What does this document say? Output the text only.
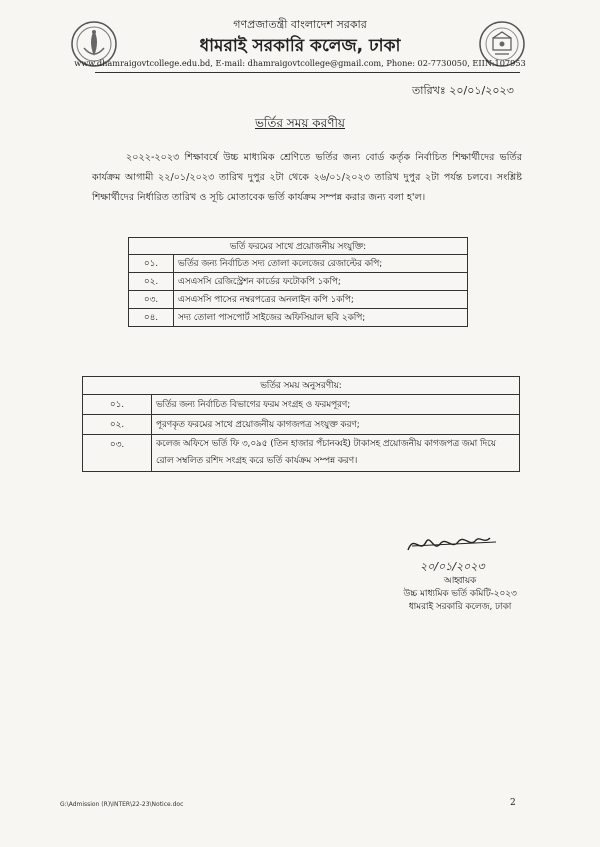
গণপ্রজাতন্ত্রী বাংলাদেশ সরকার
ধামরাই সরকারি কলেজ, ঢাকা
www.dhamraigovtcollege.edu.bd, E-mail: dhamraigovtcollege@gmail.com, Phone: 02-7730050, EIIN:107953
তারিখঃ ২০/০১/২০২৩
ভর্তির সময় করণীয়
২০২২-২০২৩ শিক্ষাবর্ষে উচ্চ মাধ্যমিক শ্রেণিতে ভর্তির জন্য বোর্ড কর্তৃক নির্বাচিত শিক্ষার্থীদের ভর্তির কার্যক্রম আগামী ২২/০১/২০২৩ তারিখ দুপুর ২টা থেকে ২৬/০১/২০২৩ তারিখ দুপুর ২টা পর্যন্ত চলবে। সংশ্লিষ্ট শিক্ষার্থীদের নির্ধারিত তারিখ ও সূচি মোতাবেক ভর্তি কার্যক্রম সম্পন্ন করার জন্য বলা হ'ল।
ভর্তি ফরমের সাথে প্রয়োজনীয় সংযুক্তি:	
০১.	ভর্তির জন্য নির্বাচিত সদ্য তোলা কলেজের রেজাল্টের কপি;
০২.	এসএসসি রেজিস্ট্রেশন কার্ডের ফটোকপি ১কপি;
০৩.	এসএসসি পাসের নম্বরপত্রের অনলাইন কপি ১কপি;
০৪.	সদ্য তোলা পাসপোর্ট সাইজের অফিসিয়াল ছবি ২কপি;
ভর্তির সময় অনুসরণীয়:	
০১.	ভর্তির জন্য নির্বাচিত বিভাগের ফরম সংগ্রহ ও ফরমপূরণ;
০২.	পূরণকৃত ফরমের সাথে প্রয়োজনীয় কাগজপত্র সংযুক্ত করণ;
০৩.	কলেজ অফিসে ভর্তি ফি ৩,০৯৫ (তিন হাজার পঁচানব্বই) টাকাসহ প্রয়োজনীয় কাগজপত্র জমা দিয়ে রোল সম্বলিত রশিদ সংগ্রহ করে ভর্তি কার্যক্রম সম্পন্ন করণ।
২০/০১/২০২৩
আহ্বায়ক
উচ্চ মাধ্যমিক ভর্তি কমিটি-২০২৩
ধামরাই সরকারি কলেজ, ঢাকা
G:\Admission (R)\INTER\22-23\Notice.doc	2
